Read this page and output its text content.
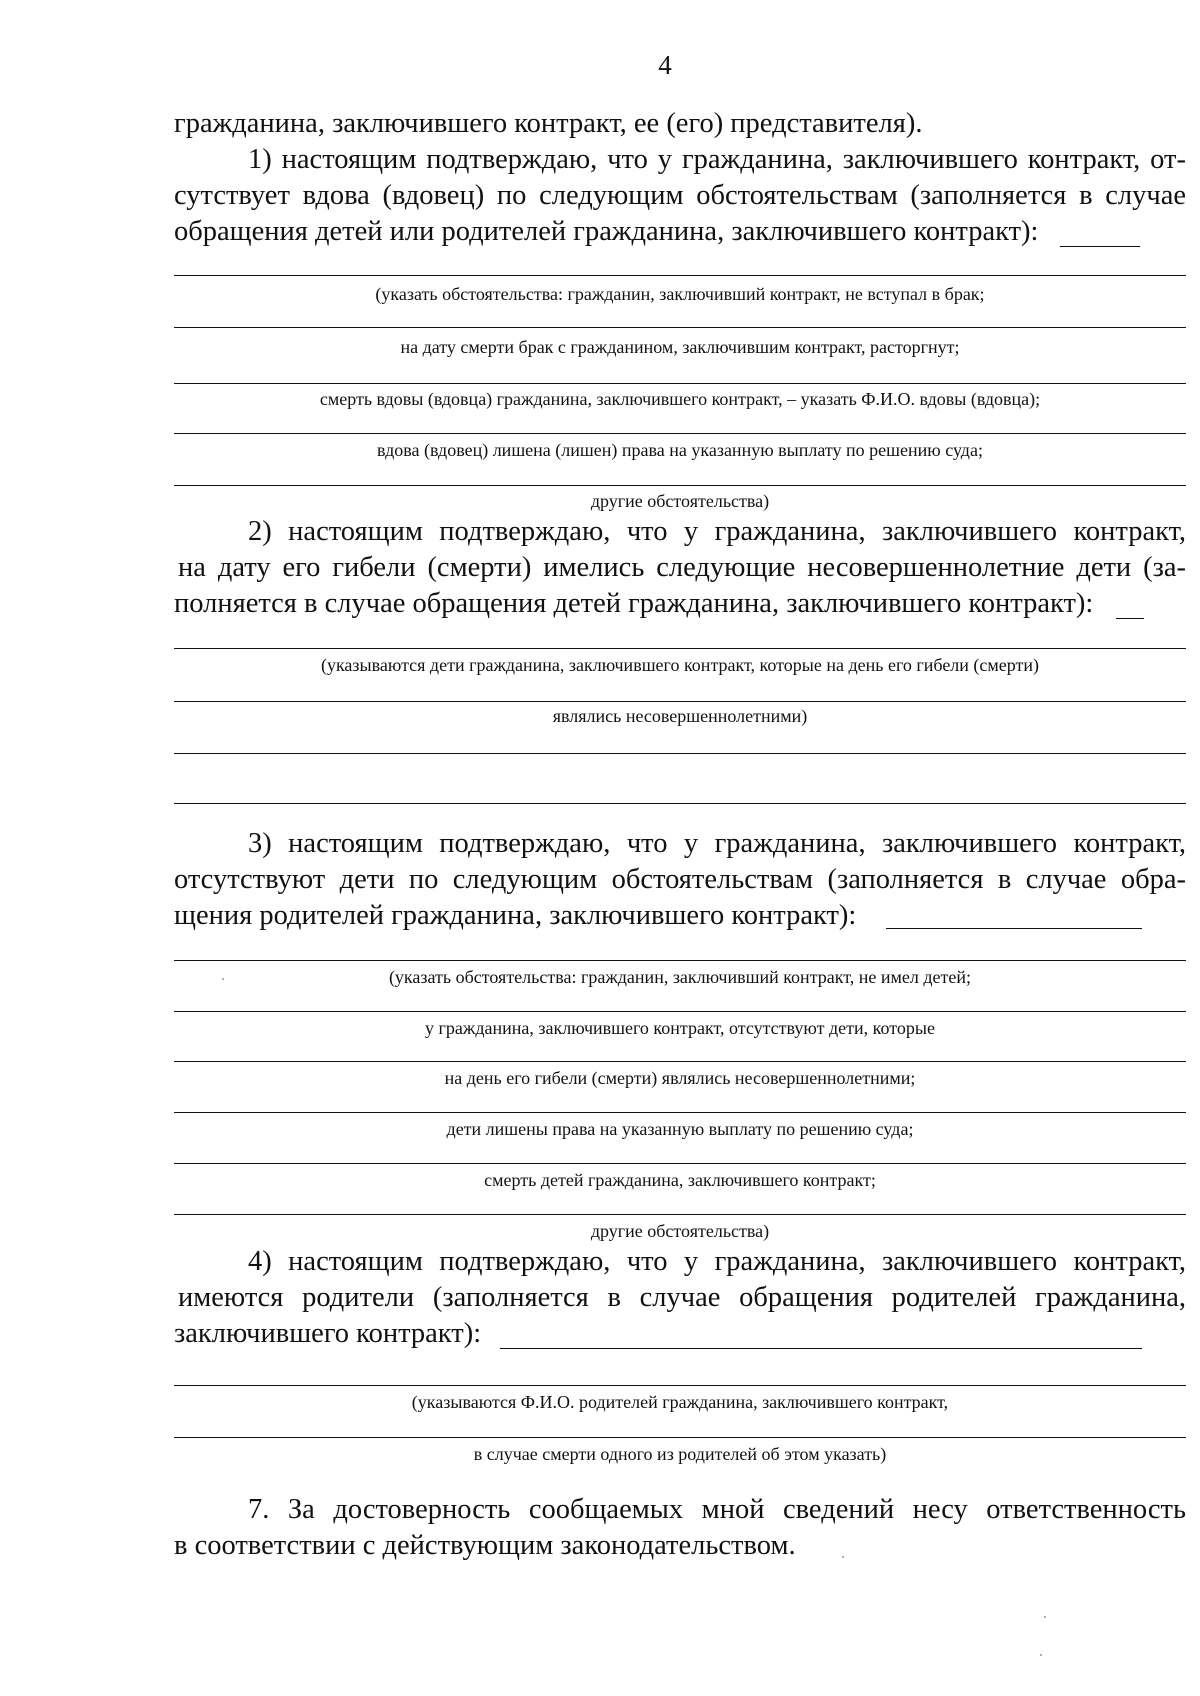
4
гражданина, заключившего контракт, ее (его) представителя).
1) настоящим подтверждаю, что у гражданина, заключившего контракт, от-
сутствует вдова (вдовец) по следующим обстоятельствам (заполняется в случае
обращения детей или родителей гражданина, заключившего контракт):
(указать обстоятельства: гражданин, заключивший контракт, не вступал в брак;
на дату смерти брак с гражданином, заключившим контракт, расторгнут;
смерть вдовы (вдовца) гражданина, заключившего контракт, – указать Ф.И.О. вдовы (вдовца);
вдова (вдовец) лишена (лишен) права на указанную выплату по решению суда;
другие обстоятельства)
2) настоящим подтверждаю, что у гражданина, заключившего контракт,
на дату его гибели (смерти) имелись следующие несовершеннолетние дети (за-
полняется в случае обращения детей гражданина, заключившего контракт):
(указываются дети гражданина, заключившего контракт, которые на день его гибели (смерти)
являлись несовершеннолетними)
3) настоящим подтверждаю, что у гражданина, заключившего контракт,
отсутствуют дети по следующим обстоятельствам (заполняется в случае обра-
щения родителей гражданина, заключившего контракт):
(указать обстоятельства: гражданин, заключивший контракт, не имел детей;
у гражданина, заключившего контракт, отсутствуют дети, которые
на день его гибели (смерти) являлись несовершеннолетними;
дети лишены права на указанную выплату по решению суда;
смерть детей гражданина, заключившего контракт;
другие обстоятельства)
4) настоящим подтверждаю, что у гражданина, заключившего контракт,
имеются родители (заполняется в случае обращения родителей гражданина,
заключившего контракт):
(указываются Ф.И.О. родителей гражданина, заключившего контракт,
в случае смерти одного из родителей об этом указать)
7. За достоверность сообщаемых мной сведений несу ответственность
в соответствии с действующим законодательством.
